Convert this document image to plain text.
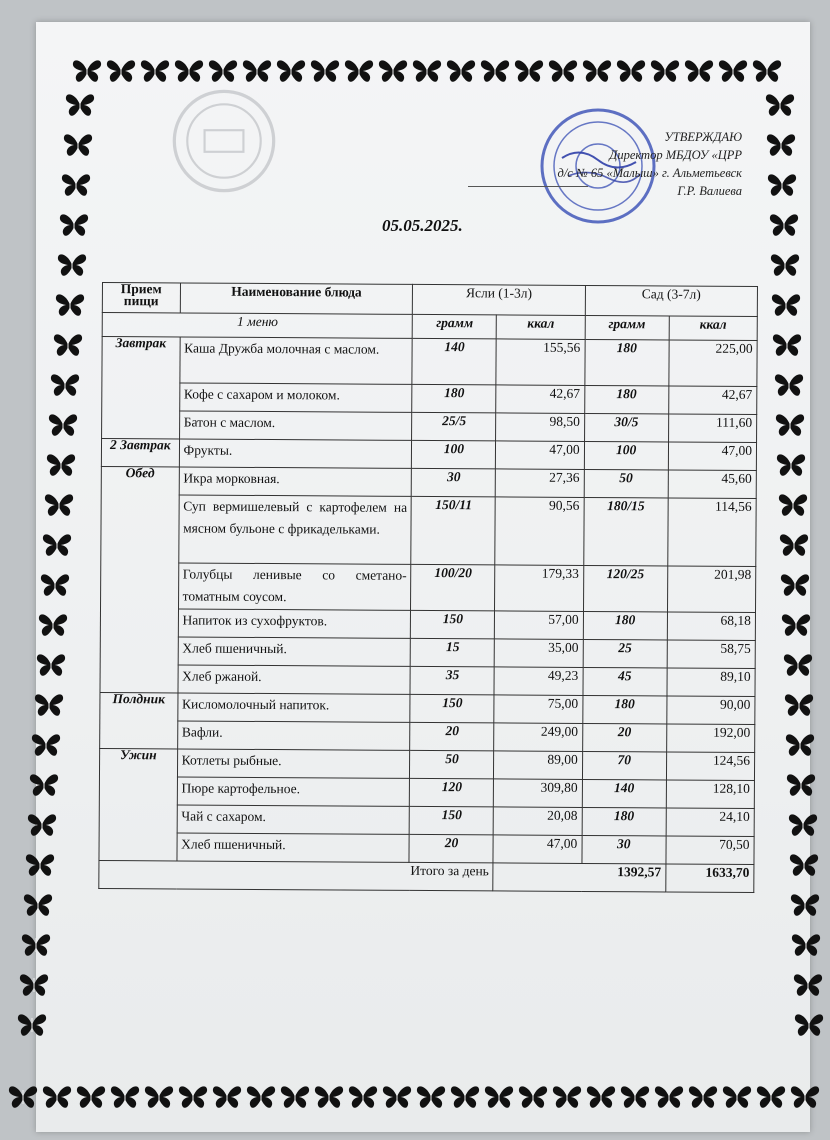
УТВЕРЖДАЮ
Директор МБДОУ «ЦРР
д/с № 65 «Малыш» г. Альметьевск
Г.Р. Валиева
05.05.2025.
Прием пищи	Наименование блюда	Ясли (1-3л)		Сад (3-7л)	
1 меню		грамм	ккал	грамм	ккал
Завтрак	Каша Дружба молочная с маслом.	140	155,56	180	225,00
	Кофе с сахаром и молоком.	180	42,67	180	42,67
	Батон с маслом.	25/5	98,50	30/5	111,60
2 Завтрак	Фрукты.	100	47,00	100	47,00
Обед	Икра морковная.	30	27,36	50	45,60
	Суп вермишелевый с картофелем на мясном бульоне с фрикадельками.	150/11	90,56	180/15	114,56
	Голубцы ленивые со сметано-томатным соусом.	100/20	179,33	120/25	201,98
	Напиток из сухофруктов.	150	57,00	180	68,18
	Хлеб пшеничный.	15	35,00	25	58,75
	Хлеб ржаной.	35	49,23	45	89,10
Полдник	Кисломолочный напиток.	150	75,00	180	90,00
	Вафли.	20	249,00	20	192,00
Ужин	Котлеты рыбные.	50	89,00	70	124,56
	Пюре картофельное.	120	309,80	140	128,10
	Чай с сахаром.	150	20,08	180	24,10
	Хлеб пшеничный.	20	47,00	30	70,50
Итого за день			1392,57		1633,70
